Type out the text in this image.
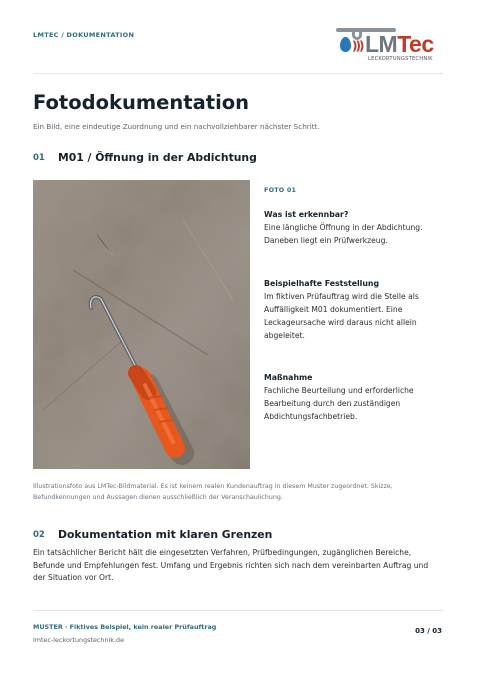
LMTEC / DOKUMENTATION
))) LMTec
LECKORTUNGSTECHNIK
Fotodokumentation
Ein Bild, eine eindeutige Zuordnung und ein nachvollziehbarer nächster Schritt.
01 M01 / Öffnung in der Abdichtung
FOTO 01
Was ist erkennbar?
Eine längliche Öffnung in der Abdichtung. Daneben liegt ein Prüfwerkzeug.
Beispielhafte Feststellung
Im fiktiven Prüfauftrag wird die Stelle als Auffälligkeit M01 dokumentiert. Eine Leckageursache wird daraus nicht allein abgeleitet.
Maßnahme
Fachliche Beurteilung und erforderliche Bearbeitung durch den zuständigen Abdichtungsfachbetrieb.
Illustrationsfoto aus LMTec-Bildmaterial. Es ist keinem realen Kundenauftrag in diesem Muster zugeordnet. Skizze, Befundkennungen und Aussagen dienen ausschließlich der Veranschaulichung.
02 Dokumentation mit klaren Grenzen
Ein tatsächlicher Bericht hält die eingesetzten Verfahren, Prüfbedingungen, zugänglichen Bereiche, Befunde und Empfehlungen fest. Umfang und Ergebnis richten sich nach dem vereinbarten Auftrag und der Situation vor Ort.
MUSTER · Fiktives Beispiel, kein realer Prüfauftrag
lmtec-leckortungstechnik.de
03 / 03
